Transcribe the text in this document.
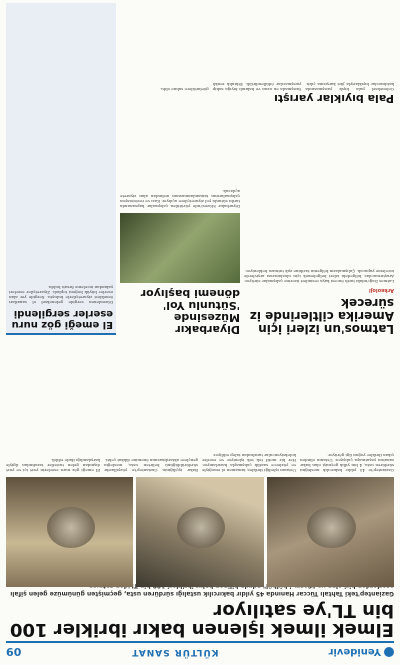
Yenidevir
KÜLTÜR SANAT
09
Elmek ilmek işlenen bakır ibrikler 100 bin TL'ye satılıyor
Gaziantep'teki Tahtalı Tüccar Hanında 45 yıldır bakırcılık ustalığı sürdüren usta, geçmişten günümüze gelen şifalı

Gaziantep'te 45 yıldır bakırcılık mesleğini sürdüren usta, 4 bin yıllık geçmişi olan bakır sanatını yaşatmaya çalışıyor. Ustanın elinden çıkan ibrikler yoğun ilgi görüyor.

Ustanın işlediği ibrikler, tamamen el emeğiyle ve yüzlerce saatlik çalışmayla hazırlanıyor. Her bir motif tek tek işleniyor ve eserler koleksiyoncular tarafından talep ediliyor.

Bakır işçiliğinin Gaziantep'te yüzyıllardır sürdürüldüğünü belirten usta, mesleğin gençlere aktarılmasının önemine dikkat çekti.

El emeği göz nuru eserlerin yurt içi ve yurt dışından gelen turistler tarafından ilgiyle karşılandığı ifade edildi.

Latmos'un izleri için Amerika ciltlerinde iz sürecek
Arkeoloji
Latmos Dağı'ndaki tarih öncesi kaya resimleri üzerine çalışmalar sürüyor. Araştırmacılar, bölgedeki izleri belgelemek için uluslararası arşivlerde inceleme yapacak. Çalışmaların bölgenin tarihine ışık tutması bekleniyor.
Diyarbakır Müzesinde 'Sütunlu Yol' dönemi başlıyor
Diyarbakır Müzesi'nde yürütülen çalışmalar kapsamında tarihi sütunlu yol ziyaretçilere açılıyor. Kazı ve restorasyon çalışmalarının tamamlanmasının ardından alan ziyarete açılacak.
El emeği göz nuru eserler sergilendi
Düzenlenen sergide geleneksel el sanatları örnekleri ziyaretçilerle buluştu. Sergide yer alan eserler büyük beğeni topladı. Ziyaretçiler eserleri yakından inceleme fırsatı buldu.
Pala bıyıklar yarıştı
Geleneksel pala bıyık yarışmasında katılımcılar bıyıklarıyla jüri karşısına çıktı. Yarışmada en uzun ve bakımlı bıyığa sahip yarışmacılar ödüllendirildi. Etkinlik renkli görüntülere sahne oldu.
